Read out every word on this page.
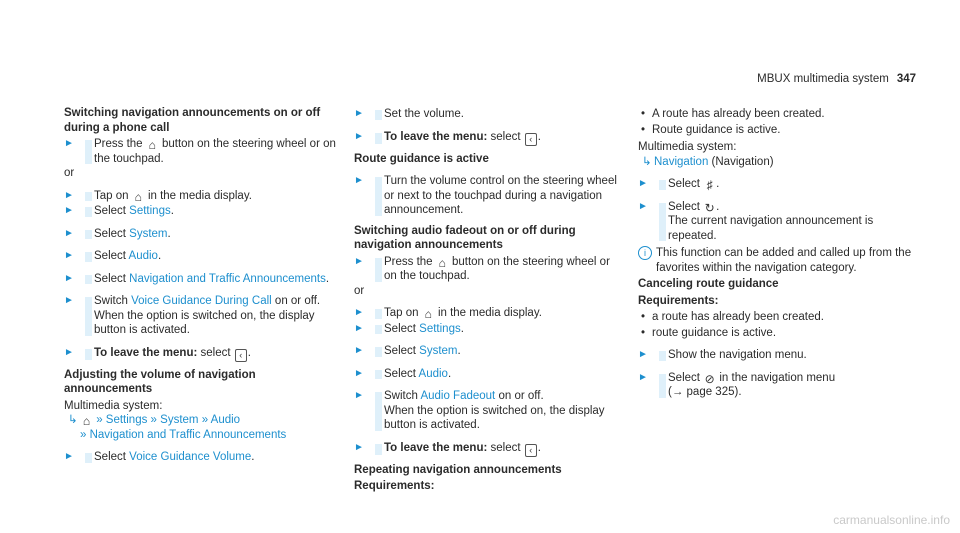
MBUX multimedia system 347
Switching navigation announcements on or off during a phone call
►	Press the ⌂ button on the steering wheel or on the touchpad.
or
►	Tap on ⌂ in the media display.
►	Select Settings.
►	Select System.
►	Select Audio.
►	Select Navigation and Traffic Announcements.
►	Switch Voice Guidance During Call on or off.
When the option is switched on, the display button is activated.
►	To leave the menu: select ‹ .
Adjusting the volume of navigation announcements
Multimedia system:
↳ ⌂ » Settings » System » Audio
» Navigation and Traffic Announcements
►	Select Voice Guidance Volume.
►	Set the volume.
►	To leave the menu: select ‹ .
Route guidance is active
►	Turn the volume control on the steering wheel or next to the touchpad during a navigation announcement.
Switching audio fadeout on or off during navigation announcements
►	Press the ⌂ button on the steering wheel or on the touchpad.
or
►	Tap on ⌂ in the media display.
►	Select Settings.
►	Select System.
►	Select Audio.
►	Switch Audio Fadeout on or off.
When the option is switched on, the display button is activated.
►	To leave the menu: select ‹ .
Repeating navigation announcements
Requirements:
• A route has already been created.
• Route guidance is active.
Multimedia system:
↳ Navigation (Navigation)
►	Select ♯ .
►	Select ↻.
The current navigation announcement is repeated.
i This function can be added and called up from the favorites within the navigation category.
Canceling route guidance
Requirements:
• a route has already been created.
• route guidance is active.
►	Show the navigation menu.
►	Select ⊘ in the navigation menu
(→ page 325).
carmanualsonline.info
